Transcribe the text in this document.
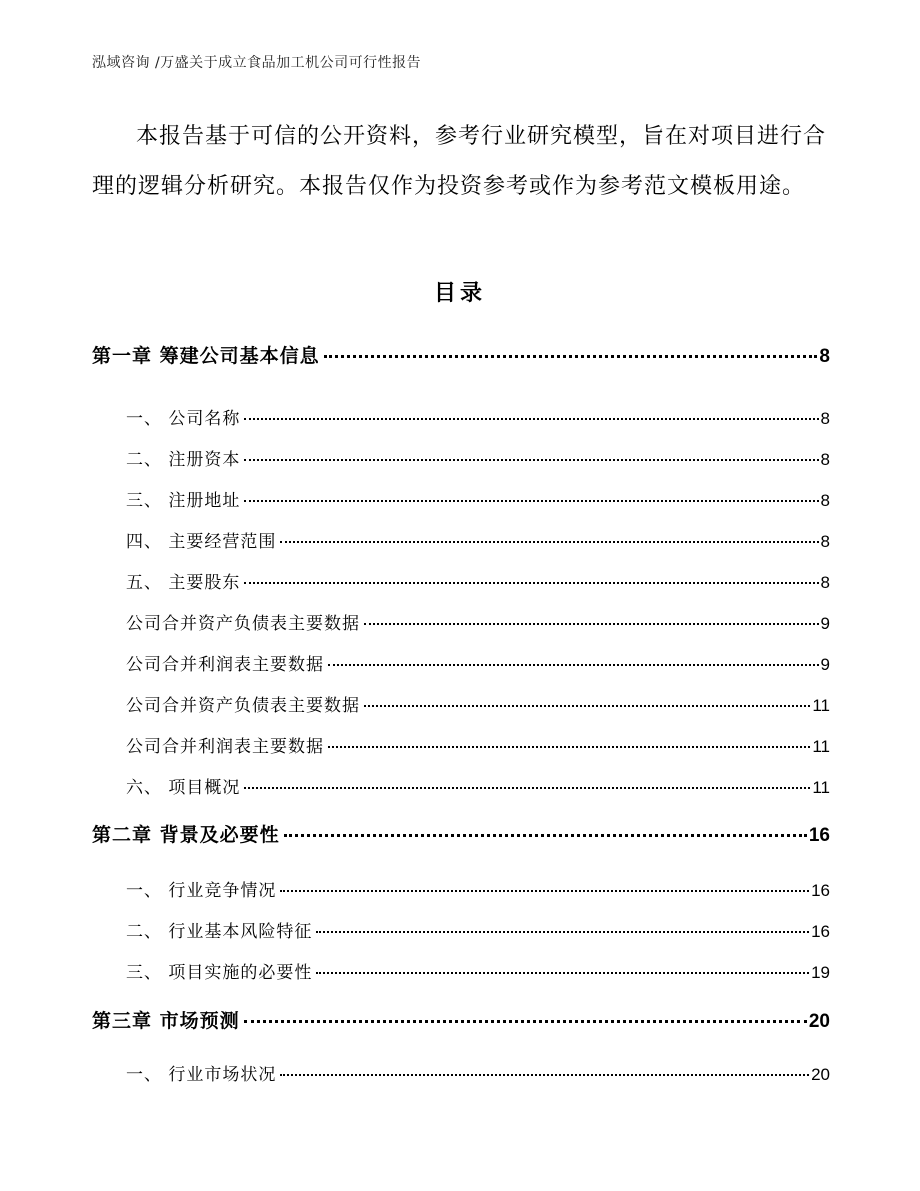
泓域咨询 /万盛关于成立食品加工机公司可行性报告
本报告基于可信的公开资料，参考行业研究模型，旨在对项目进行合理的逻辑分析研究。本报告仅作为投资参考或作为参考范文模板用途。
目录
第一章 筹建公司基本信息	8
一、 公司名称	8
二、 注册资本	8
三、 注册地址	8
四、 主要经营范围	8
五、 主要股东	8
公司合并资产负债表主要数据	9
公司合并利润表主要数据	9
公司合并资产负债表主要数据	11
公司合并利润表主要数据	11
六、 项目概况	11
第二章 背景及必要性	16
一、 行业竞争情况	16
二、 行业基本风险特征	16
三、 项目实施的必要性	19
第三章 市场预测	20
一、 行业市场状况	20
